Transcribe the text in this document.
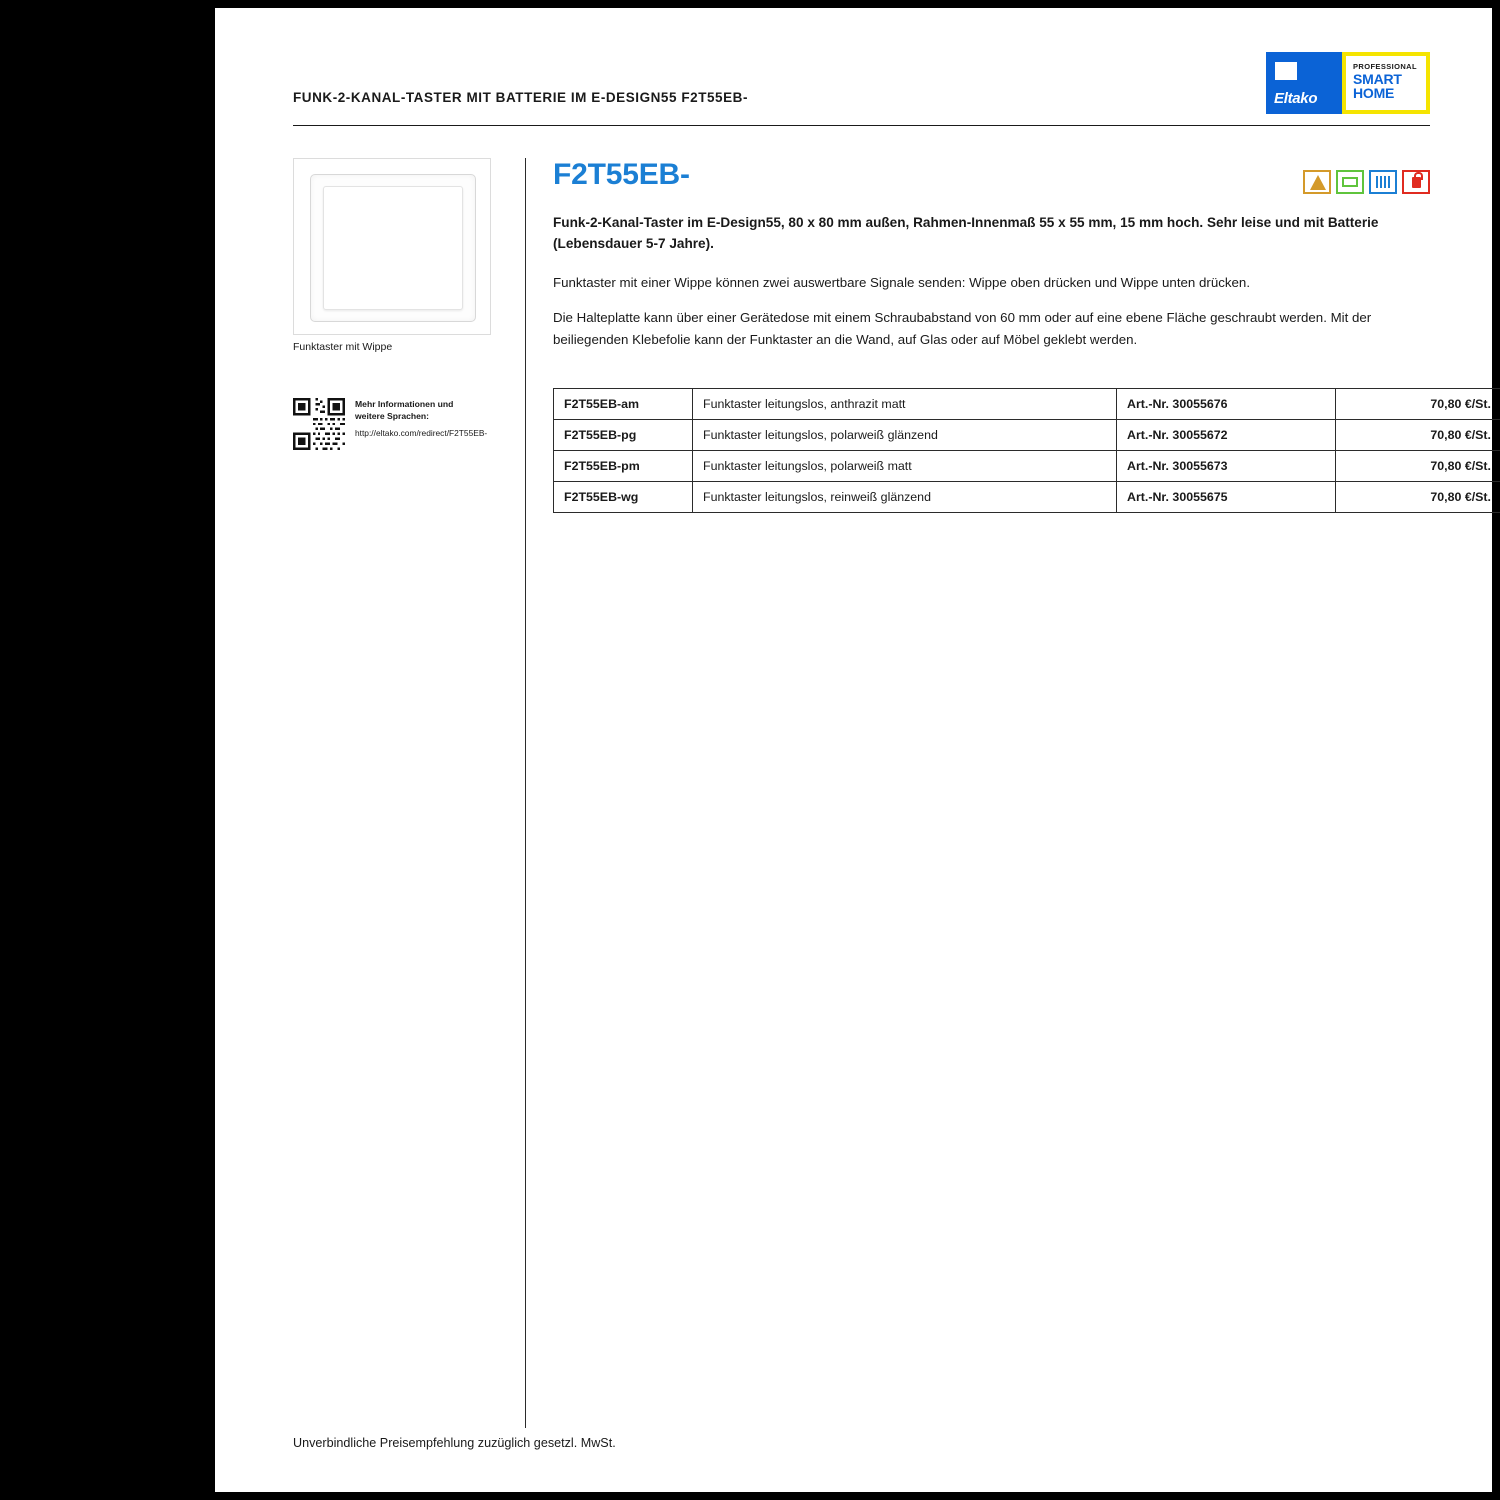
FUNK-2-KANAL-TASTER MIT BATTERIE IM E-DESIGN55 F2T55EB-	Eltako
PROFESSIONAL
SMART
HOME
Funktaster mit Wippe
Mehr Informationen und
weitere Sprachen:
http://eltako.com/redirect/F2T55EB-
F2T55EB-
Funk-2-Kanal-Taster im E-Design55, 80 x 80 mm außen, Rahmen-Innenmaß 55 x 55 mm, 15 mm hoch. Sehr leise und mit Batterie (Lebensdauer 5-7 Jahre).

Funktaster mit einer Wippe können zwei auswertbare Signale senden: Wippe oben drücken und Wippe unten drücken.

Die Halteplatte kann über einer Gerätedose mit einem Schraubabstand von 60 mm oder auf eine ebene Fläche geschraubt werden. Mit der beiliegenden Klebefolie kann der Funktaster an die Wand, auf Glas oder auf Möbel geklebt werden.

F2T55EB-am	Funktaster leitungslos, anthrazit matt	Art.-Nr. 30055676	70,80 €/St.
F2T55EB-pg	Funktaster leitungslos, polarweiß glänzend	Art.-Nr. 30055672	70,80 €/St.
F2T55EB-pm	Funktaster leitungslos, polarweiß matt	Art.-Nr. 30055673	70,80 €/St.
F2T55EB-wg	Funktaster leitungslos, reinweiß glänzend	Art.-Nr. 30055675	70,80 €/St.
Unverbindliche Preisempfehlung zuzüglich gesetzl. MwSt.
